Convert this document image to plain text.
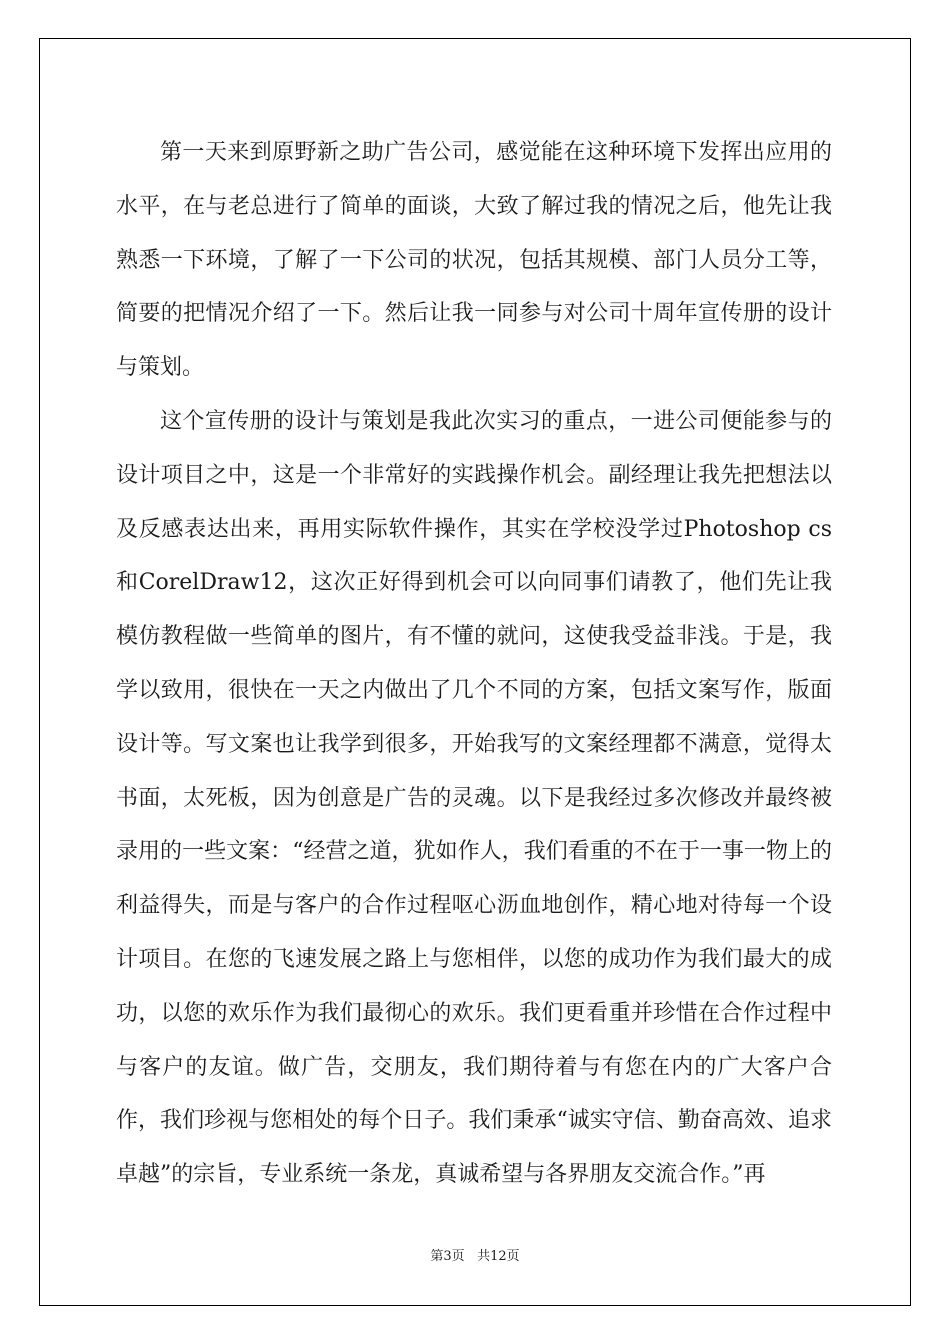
第一天来到原野新之助广告公司，感觉能在这种环境下发挥出应用的水平，在与老总进行了简单的面谈，大致了解过我的情况之后，他先让我熟悉一下环境，了解了一下公司的状况，包括其规模、部门人员分工等，简要的把情况介绍了一下。然后让我一同参与对公司十周年宣传册的设计与策划。

这个宣传册的设计与策划是我此次实习的重点，一进公司便能参与的设计项目之中，这是一个非常好的实践操作机会。副经理让我先把想法以及反感表达出来，再用实际软件操作，其实在学校没学过Photoshop cs 和CorelDraw12，这次正好得到机会可以向同事们请教了，他们先让我模仿教程做一些简单的图片，有不懂的就问，这使我受益非浅。于是，我学以致用，很快在一天之内做出了几个不同的方案，包括文案写作，版面设计等。写文案也让我学到很多，开始我写的文案经理都不满意，觉得太书面，太死板，因为创意是广告的灵魂。以下是我经过多次修改并最终被录用的一些文案：“经营之道，犹如作人，我们看重的不在于一事一物上的利益得失，而是与客户的合作过程呕心沥血地创作，精心地对待每一个设计项目。在您的飞速发展之路上与您相伴，以您的成功作为我们最大的成功，以您的欢乐作为我们最彻心的欢乐。我们更看重并珍惜在合作过程中与客户的友谊。做广告，交朋友，我们期待着与有您在内的广大客户合作，我们珍视与您相处的每个日子。我们秉承“诚实守信、勤奋高效、追求卓越”的宗旨，专业系统一条龙，真诚希望与各界朋友交流合作。”再

第3页 共12页
